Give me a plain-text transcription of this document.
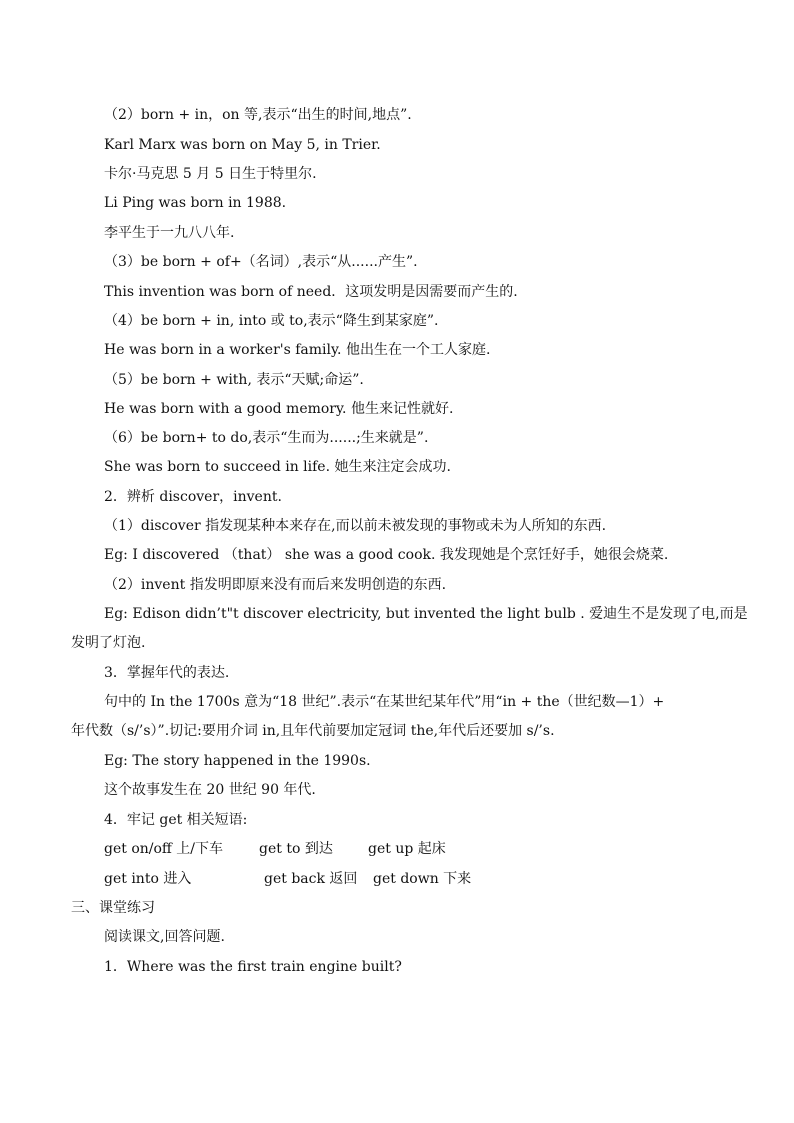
（2）born + in，on 等,表示“出生的时间,地点”.
Karl Marx was born on May 5, in Trier.
卡尔·马克思 5 月 5 日生于特里尔.
Li Ping was born in 1988.
李平生于一九八八年.
（3）be born + of+（名词）,表示“从......产生”.
This invention was born of need．这项发明是因需要而产生的.
（4）be born + in, into 或 to,表示“降生到某家庭”.
He was born in a worker's family. 他出生在一个工人家庭.
（5）be born + with, 表示“天赋;命运”.
He was born with a good memory. 他生来记性就好.
（6）be born+ to do,表示“生而为......;生来就是”.
She was born to succeed in life. 她生来注定会成功.
2．辨析 discover，invent.
（1）discover 指发现某种本来存在,而以前未被发现的事物或未为人所知的东西.
Eg: I discovered （that） she was a good cook. 我发现她是个烹饪好手，她很会烧菜.
（2）invent 指发明即原来没有而后来发明创造的东西.
Eg: Edison didn’t"t discover electricity, but invented the light bulb . 爱迪生不是发现了电,而是
发明了灯泡.
3．掌握年代的表达.
句中的 In the 1700s 意为“18 世纪”.表示“在某世纪某年代”用“in + the（世纪数—1）+
年代数（s/’s）”.切记:要用介词 in,且年代前要加定冠词 the,年代后还要加 s/’s.
Eg: The story happened in the 1990s.
这个故事发生在 20 世纪 90 年代.
4．牢记 get 相关短语:
get on/off 上/下车	get to 到达	get up 起床
get into 进入	get back 返回 get down 下来
三、课堂练习
阅读课文,回答问题.
1．Where was the first train engine built?
